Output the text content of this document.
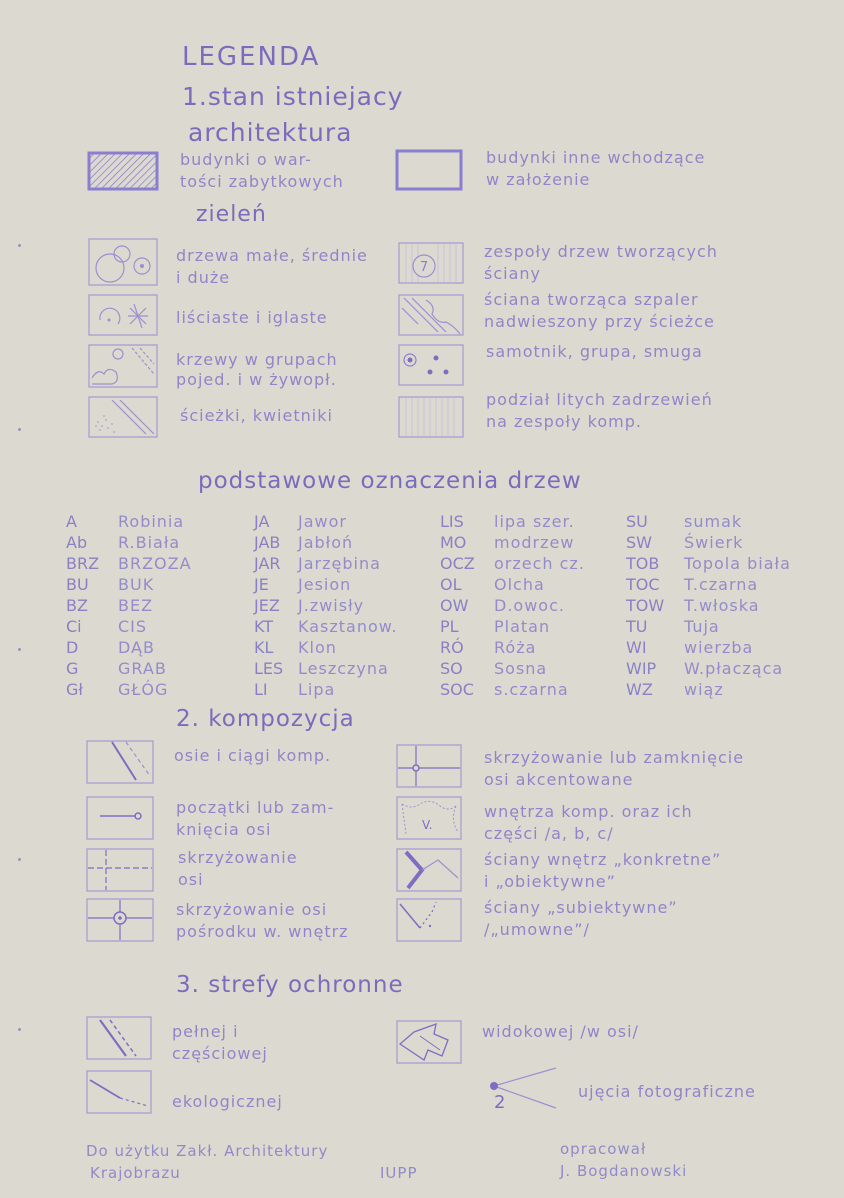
LEGENDA
1.stan istniejacy
architektura
budynki o war-
tości zabytkowych
budynki inne wchodzące
w założenie
zieleń
drzewa małe, średnie
i duże
liściaste i iglaste
krzewy w grupach
pojed. i w żywopł.
ścieżki, kwietniki
7
zespoły drzew tworzących
ściany
ściana tworząca szpaler
nadwieszony przy ścieżce
samotnik, grupa, smuga
podział litych zadrzewień
na zespoły komp.
podstawowe oznaczenia drzew
A	Robinia
Ab R.Biała
BRZ BRZOZA
BU BUK
BZ BEZ
Ci CIS
D DĄB
G GRAB
Gł GŁÓG
JA Jawor
JAB Jabłoń
JAR Jarzębina
JE Jesion
JEZ J.zwisły
KT Kasztanow.
KL Klon
LES Leszczyna
LI Lipa
LIS lipa szer.
MO modrzew
OCZ orzech cz.
OL Olcha
OW D.owoc.
PL Platan
RÓ Róża
SO Sosna
SOC s.czarna
SU sumak
SW Świerk
TOB Topola biała
TOC T.czarna
TOW T.włoska
TU Tuja
WI wierzba
WIP W.płacząca
WZ wiąz
2. kompozycja
osie i ciągi komp.
początki lub zam-
knięcia osi
skrzyżowanie
osi
skrzyżowanie osi
pośrodku w. wnętrz
skrzyżowanie lub zamknięcie
osi akcentowane
V.
wnętrza komp. oraz ich
części /a, b, c/
ściany wnętrz „konkretne”
i „obiektywne”
ściany „subiektywne”
/„umowne”/
3. strefy ochronne
pełnej i
częściowej
widokowej /w osi/
ekologicznej	2
ujęcia fotograficzne
Do użytku Zakł. Architektury
Krajobrazu	IUPP
opracował
J. Bogdanowski
